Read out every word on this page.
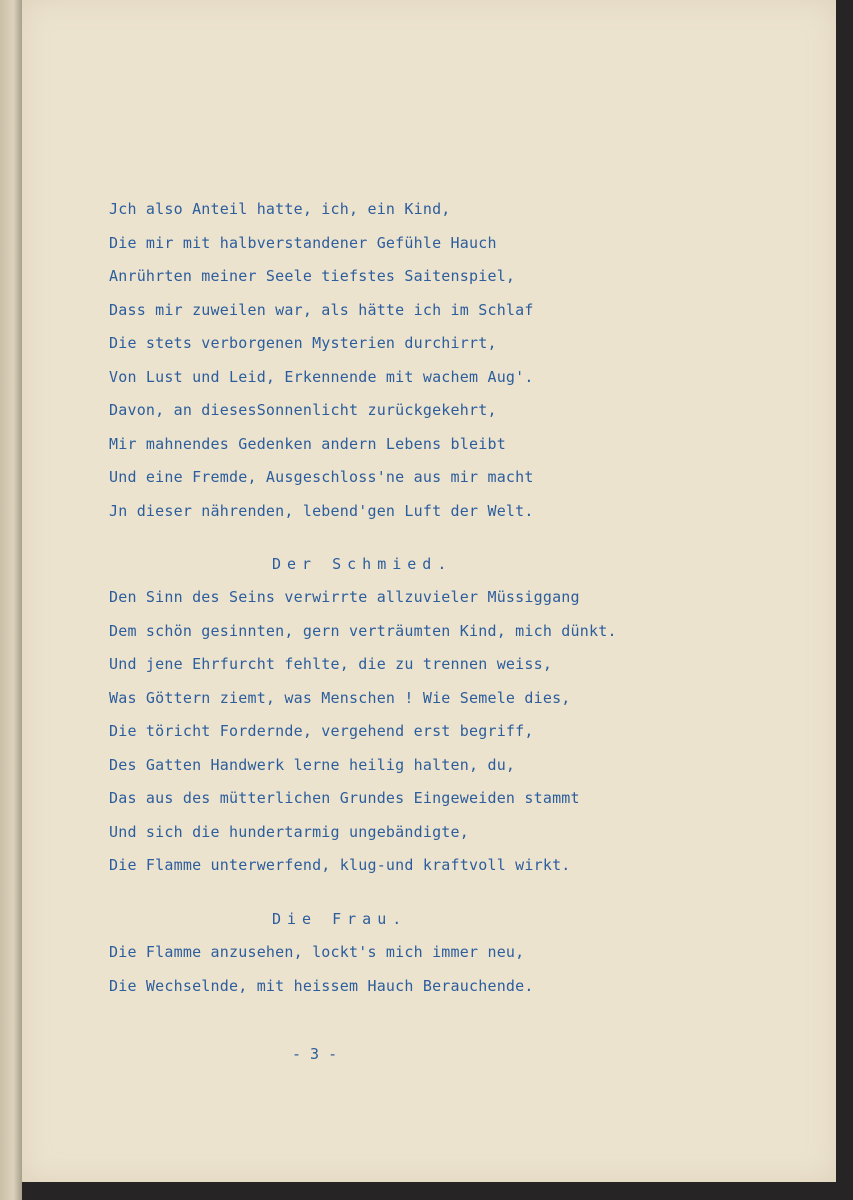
Jch also Anteil hatte, ich, ein Kind,
Die mir mit halbverstandener Gefühle Hauch
Anrührten meiner Seele tiefstes Saitenspiel,
Dass mir zuweilen war, als hätte ich im Schlaf
Die stets verborgenen Mysterien durchirrt,
Von Lust und Leid, Erkennende mit wachem Aug'.
Davon, an diesesSonnenlicht zurückgekehrt,
Mir mahnendes Gedenken andern Lebens bleibt
Und eine Fremde, Ausgeschloss'ne aus mir macht
Jn dieser nährenden, lebend'gen Luft der Welt.
Der Schmied.
Den Sinn des Seins verwirrte allzuvieler Müssiggang
Dem schön gesinnten, gern verträumten Kind, mich dünkt.
Und jene Ehrfurcht fehlte, die zu trennen weiss,
Was Göttern ziemt, was Menschen ! Wie Semele dies,
Die töricht Fordernde, vergehend erst begriff,
Des Gatten Handwerk lerne heilig halten, du,
Das aus des mütterlichen Grundes Eingeweiden stammt
Und sich die hundertarmig ungebändigte,
Die Flamme unterwerfend, klug-und kraftvoll wirkt.
Die Frau.
Die Flamme anzusehen, lockt's mich immer neu,
Die Wechselnde, mit heissem Hauch Berauchende.
- 3 -
